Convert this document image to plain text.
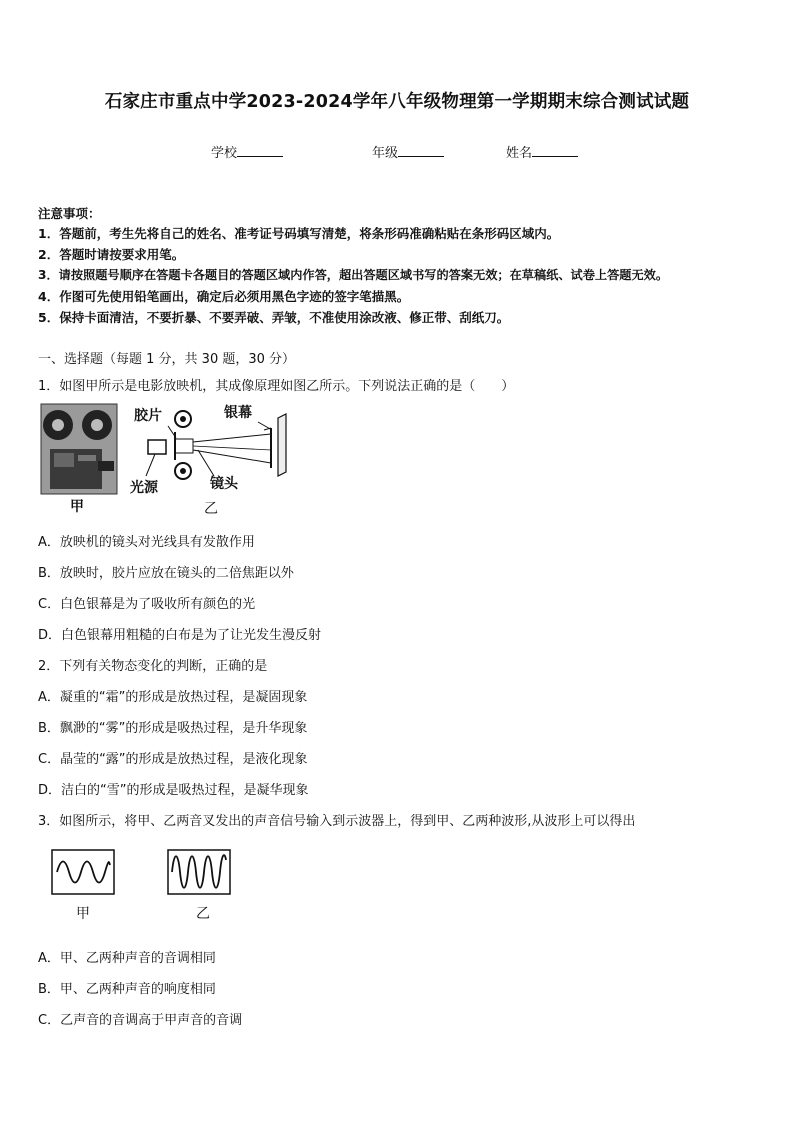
石家庄市重点中学2023-2024学年八年级物理第一学期期末综合测试试题
学校	年级	姓名
注意事项：
1．答题前，考生先将自己的姓名、准考证号码填写清楚，将条形码准确粘贴在条形码区域内。
2．答题时请按要求用笔。
3．请按照题号顺序在答题卡各题目的答题区域内作答，超出答题区域书写的答案无效；在草稿纸、试卷上答题无效。
4．作图可先使用铅笔画出，确定后必须用黑色字迹的签字笔描黑。
5．保持卡面清洁，不要折暴、不要弄破、弄皱，不准使用涂改液、修正带、刮纸刀。
一、选择题（每题 1 分，共 30 题，30 分）
1．如图甲所示是电影放映机，其成像原理如图乙所示。下列说法正确的是（　　）
甲
胶片	银幕
光源	镜头
乙
A．放映机的镜头对光线具有发散作用
B．放映时，胶片应放在镜头的二倍焦距以外
C．白色银幕是为了吸收所有颜色的光
D．白色银幕用粗糙的白布是为了让光发生漫反射
2．下列有关物态变化的判断，正确的是
A．凝重的“霜”的形成是放热过程，是凝固现象
B．飘渺的“雾”的形成是吸热过程，是升华现象
C．晶莹的“露”的形成是放热过程，是液化现象
D．洁白的“雪”的形成是吸热过程，是凝华现象
3．如图所示，将甲、乙两音叉发出的声音信号输入到示波器上，得到甲、乙两种波形,从波形上可以得出
甲	乙
A．甲、乙两种声音的音调相同
B．甲、乙两种声音的响度相同
C．乙声音的音调高于甲声音的音调
